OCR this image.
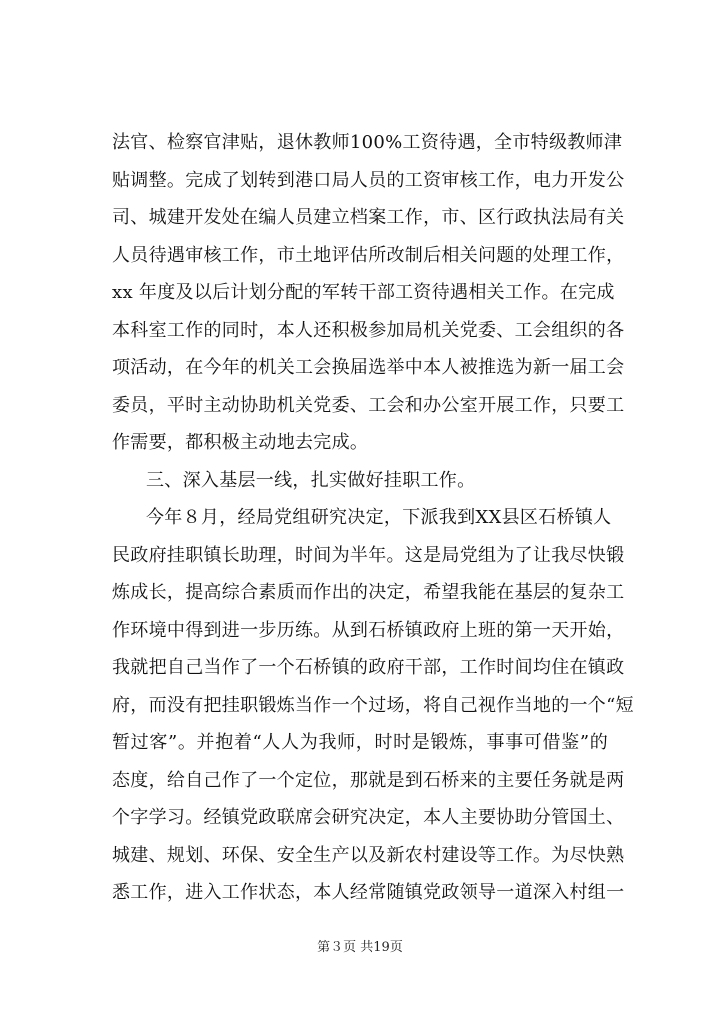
法官、检察官津贴，退休教师100%工资待遇，全市特级教师津
贴调整。完成了划转到港口局人员的工资审核工作，电力开发公
司、城建开发处在编人员建立档案工作，市、区行政执法局有关
人员待遇审核工作，市土地评估所改制后相关问题的处理工作，
xx 年度及以后计划分配的军转干部工资待遇相关工作。在完成
本科室工作的同时，本人还积极参加局机关党委、工会组织的各
项活动，在今年的机关工会换届选举中本人被推选为新一届工会
委员，平时主动协助机关党委、工会和办公室开展工作，只要工
作需要，都积极主动地去完成。
三、深入基层一线，扎实做好挂职工作。
今年８月，经局党组研究决定，下派我到XX县区石桥镇人
民政府挂职镇长助理，时间为半年。这是局党组为了让我尽快锻
炼成长，提高综合素质而作出的决定，希望我能在基层的复杂工
作环境中得到进一步历练。从到石桥镇政府上班的第一天开始，
我就把自己当作了一个石桥镇的政府干部，工作时间均住在镇政
府，而没有把挂职锻炼当作一个过场，将自己视作当地的一个“短
暂过客”。并抱着“人人为我师，时时是锻炼，事事可借鉴”的
态度，给自己作了一个定位，那就是到石桥来的主要任务就是两
个字学习。经镇党政联席会研究决定，本人主要协助分管国土、
城建、规划、环保、安全生产以及新农村建设等工作。为尽快熟
悉工作，进入工作状态，本人经常随镇党政领导一道深入村组一
第３页 共19页
